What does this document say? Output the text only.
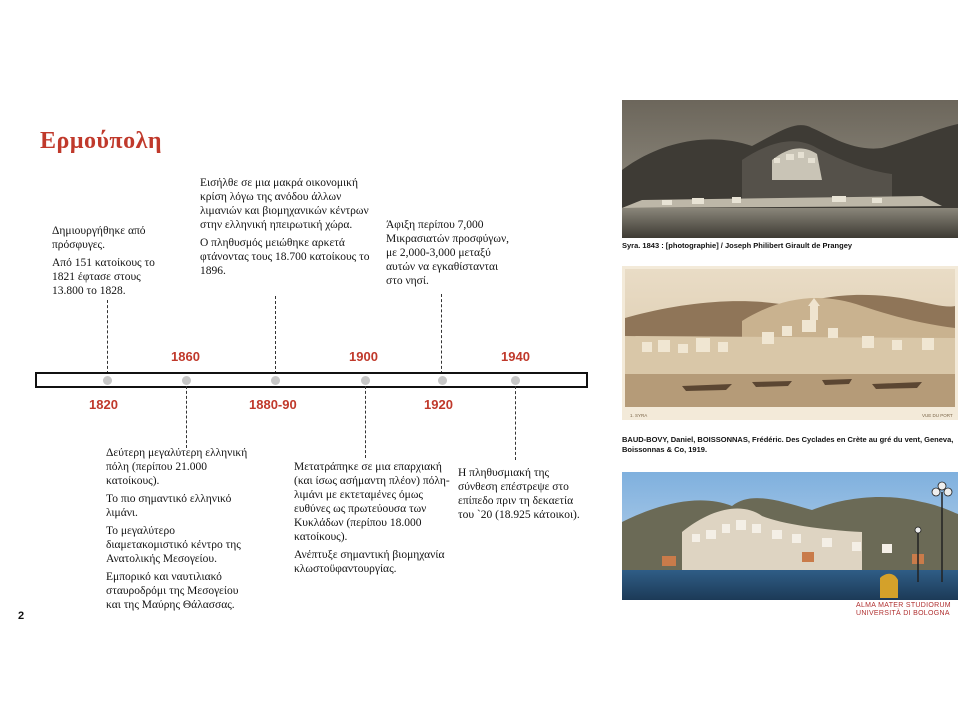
Ερμούπολη

Δημιουργήθηκε από πρόσφυγες.

Από 151 κατοίκους το 1821 έφτασε στους 13.800 το 1828.

Εισήλθε σε μια μακρά οικονομική κρίση λόγω της ανόδου άλλων λιμανιών και βιομηχανικών κέντρων στην ελληνική ηπειρωτική χώρα.

Ο πληθυσμός μειώθηκε αρκετά φτάνοντας τους 18.700 κατοίκους το 1896.

Άφιξη περίπου 7,000 Μικρασιατών προσφύγων, με 2,000-3,000 μεταξύ αυτών να εγκαθίστανται στο νησί.

1860	1900	1940
1820	1880-90	1920

Δεύτερη μεγαλύτερη ελληνική πόλη (περίπου 21.000 κατοίκους).

Το πιο σημαντικό ελληνικό λιμάνι.

Το μεγαλύτερο διαμετακομιστικό κέντρο της Ανατολικής Μεσογείου.

Εμπορικό και ναυτιλιακό σταυροδρόμι της Μεσογείου και της Μαύρης Θάλασσας.

Μετατράπηκε σε μια επαρχιακή (και ίσως ασήμαντη πλέον) πόλη-λιμάνι με εκτεταμένες όμως ευθύνες ως πρωτεύουσα των Κυκλάδων (περίπου 18.000 κατοίκους).

Ανέπτυξε σημαντική βιομηχανία κλωστοϋφαντουργίας.

Η πληθυσμιακή της σύνθεση επέστρεψε στο επίπεδο πριν τη δεκαετία του `20 (18.925 κάτοικοι).

Syra. 1843 : [photographie] / Joseph Philibert Girault de Prangey
1. SYRA	VUE DU PORT
BAUD-BOVY, Daniel, BOISSONNAS, Frédéric. Des Cyclades en Crète au gré du vent, Geneva, Boissonnas & Co, 1919.
ALMA MATER STUDIORUM
UNIVERSITÀ DI BOLOGNA
2
